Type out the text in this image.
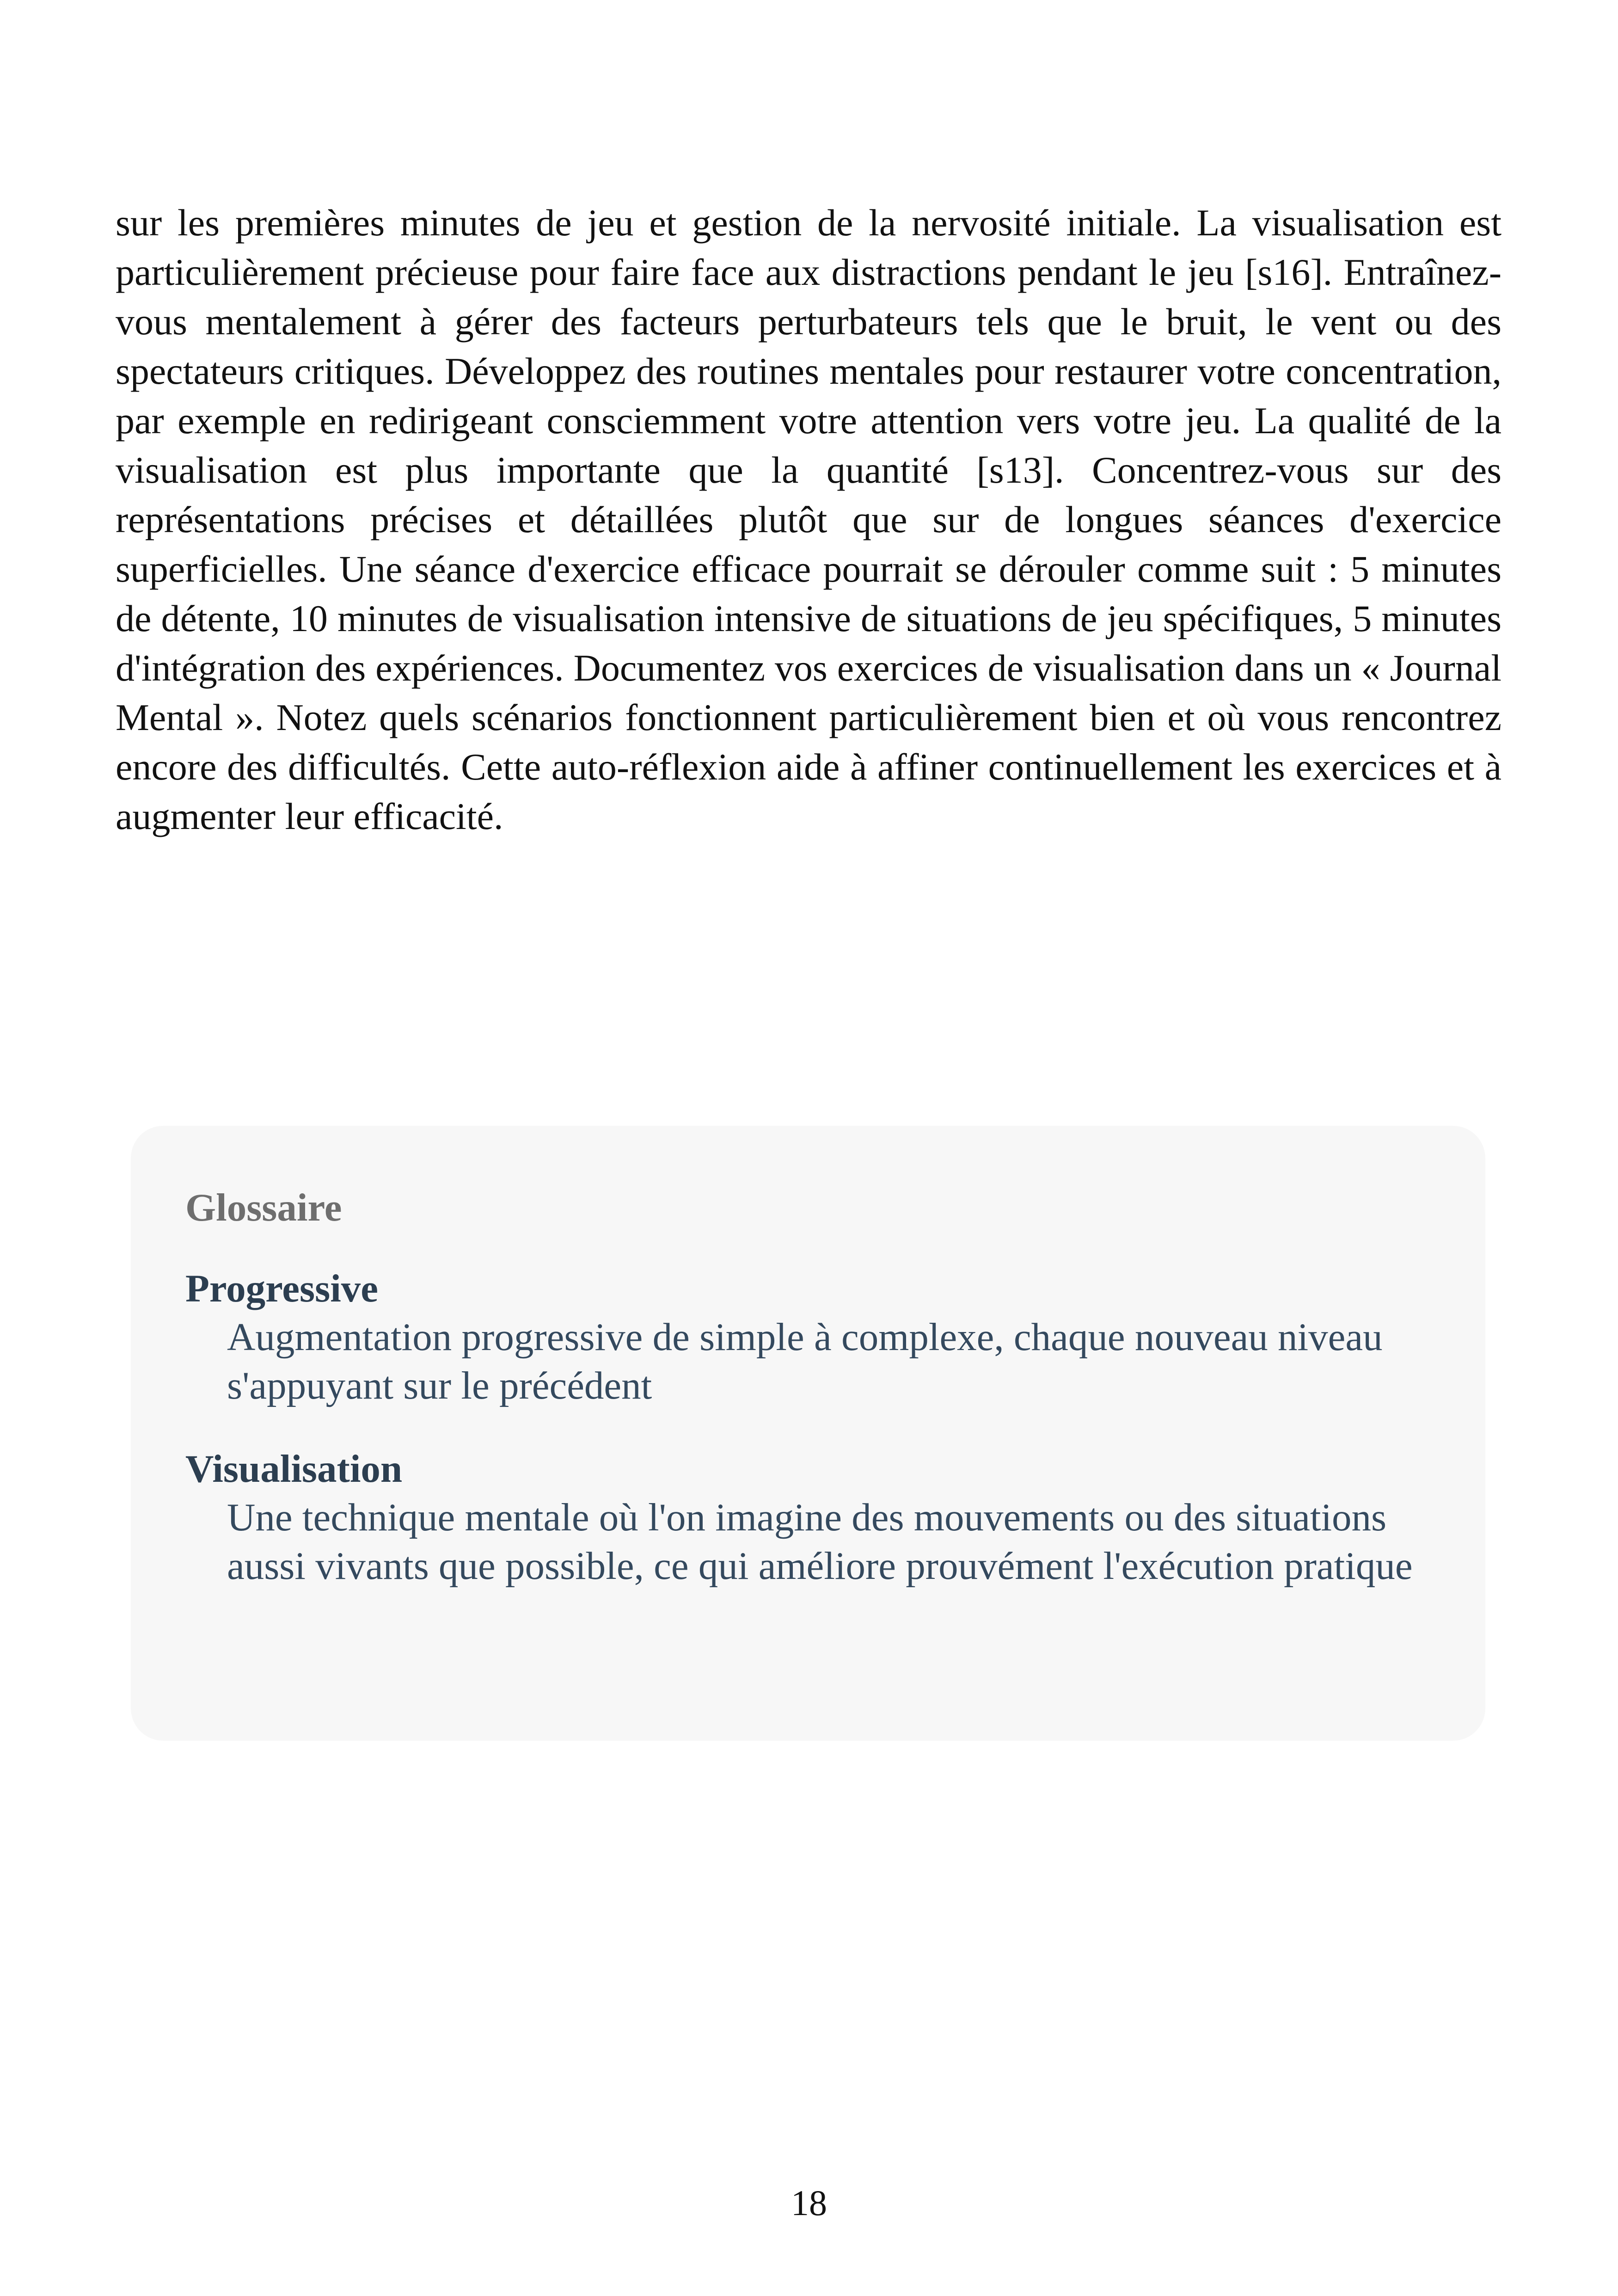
sur les premières minutes de jeu et gestion de la nervosité initiale. La visualisation est particulièrement précieuse pour faire face aux distractions pendant le jeu [s16]. Entraînez-vous mentalement à gérer des facteurs perturbateurs tels que le bruit, le vent ou des spectateurs critiques. Développez des routines mentales pour restaurer votre concentration, par exemple en redirigeant consciemment votre attention vers votre jeu. La qualité de la visualisation est plus importante que la quantité [s13]. Concentrez-vous sur des représentations précises et détaillées plutôt que sur de longues séances d'exercice superficielles. Une séance d'exercice efficace pourrait se dérouler comme suit : 5 minutes de détente, 10 minutes de visualisation intensive de situations de jeu spécifiques, 5 minutes d'intégration des expériences. Documentez vos exercices de visualisation dans un « Journal Mental ». Notez quels scénarios fonctionnent particulièrement bien et où vous rencontrez encore des difficultés. Cette auto-réflexion aide à affiner continuellement les exercices et à augmenter leur efficacité.

Glossaire

Progressive

Augmentation progressive de simple à complexe, chaque nouveau niveau s'appuyant sur le précédent

Visualisation

Une technique mentale où l'on imagine des mouvements ou des situations aussi vivants que possible, ce qui améliore prouvément l'exécution pratique

18
